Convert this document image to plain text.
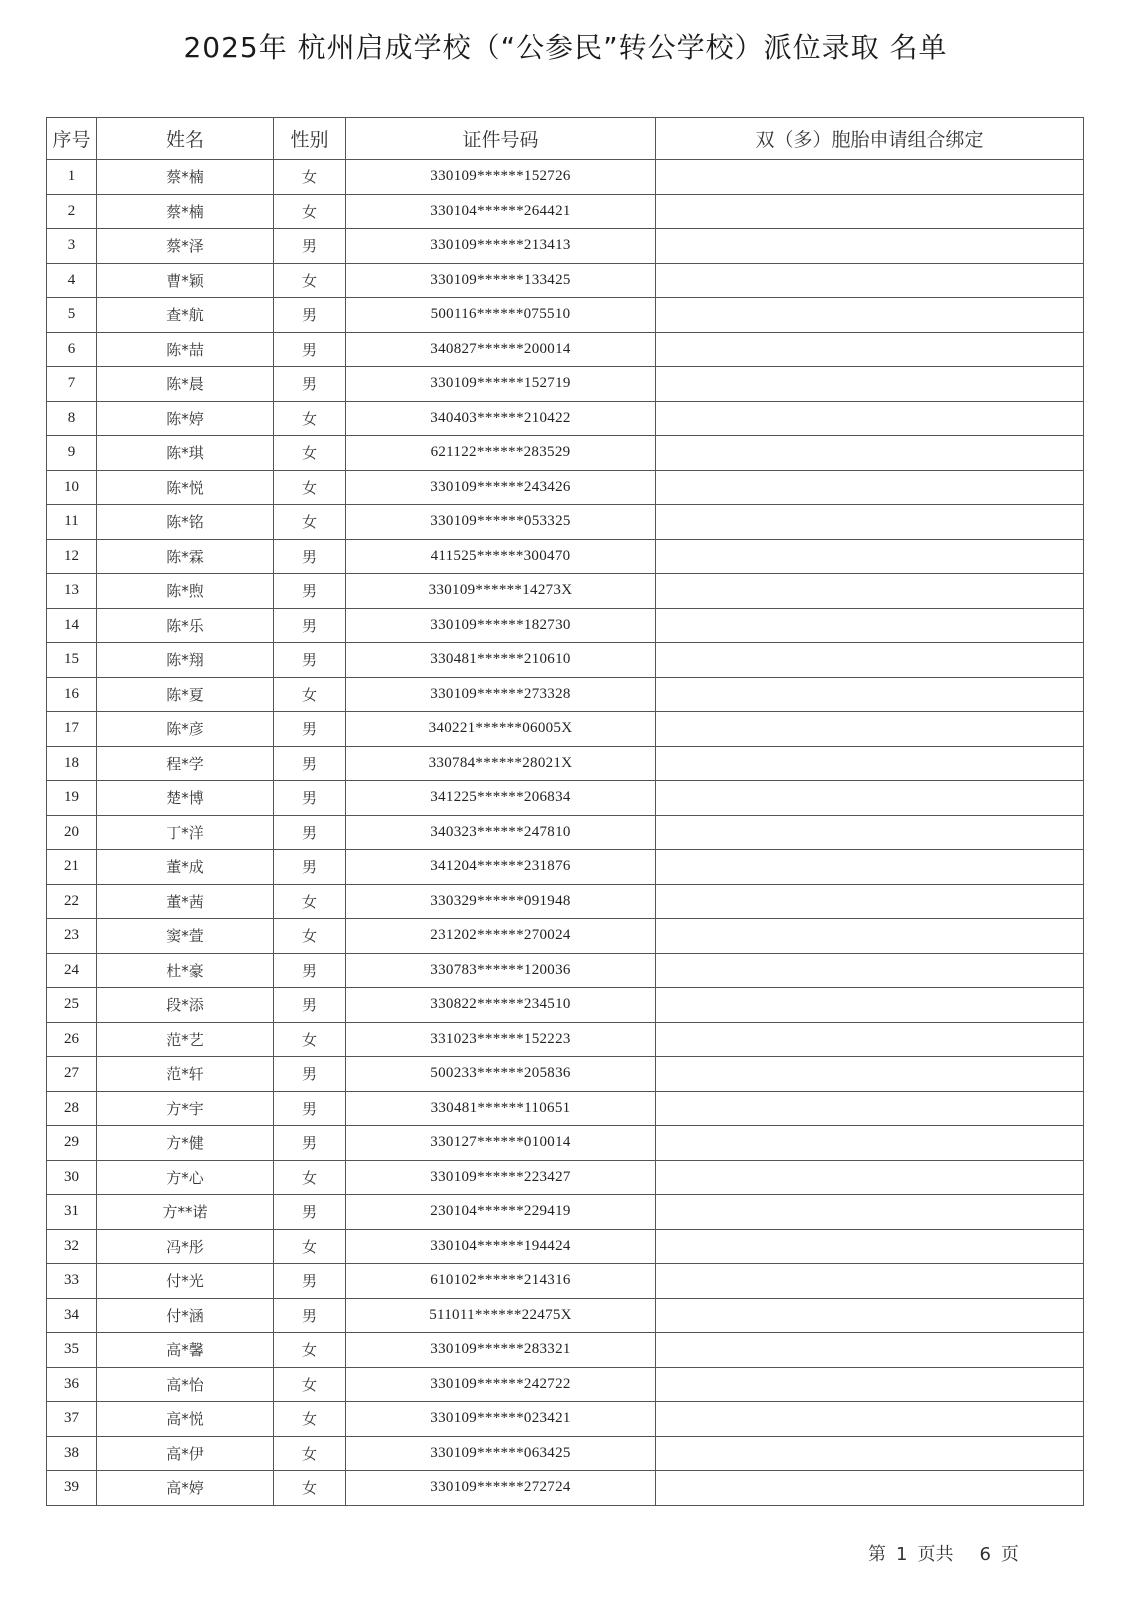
2025年 杭州启成学校（“公参民”转公学校）派位录取 名单
序号	姓名	性别	证件号码	双（多）胞胎申请组合绑定
1	蔡*楠	女	330109******152726	
2	蔡*楠	女	330104******264421	
3	蔡*泽	男	330109******213413	
4	曹*颖	女	330109******133425	
5	查*航	男	500116******075510	
6	陈*喆	男	340827******200014	
7	陈*晨	男	330109******152719	
8	陈*婷	女	340403******210422	
9	陈*琪	女	621122******283529	
10	陈*悦	女	330109******243426	
11	陈*铭	女	330109******053325	
12	陈*霖	男	411525******300470	
13	陈*煦	男	330109******14273X	
14	陈*乐	男	330109******182730	
15	陈*翔	男	330481******210610	
16	陈*夏	女	330109******273328	
17	陈*彦	男	340221******06005X	
18	程*学	男	330784******28021X	
19	楚*博	男	341225******206834	
20	丁*洋	男	340323******247810	
21	董*成	男	341204******231876	
22	董*茜	女	330329******091948	
23	窦*萱	女	231202******270024	
24	杜*豪	男	330783******120036	
25	段*添	男	330822******234510	
26	范*艺	女	331023******152223	
27	范*轩	男	500233******205836	
28	方*宇	男	330481******110651	
29	方*健	男	330127******010014	
30	方*心	女	330109******223427	
31	方**诺	男	230104******229419	
32	冯*彤	女	330104******194424	
33	付*光	男	610102******214316	
34	付*涵	男	511011******22475X	
35	高*馨	女	330109******283321	
36	高*怡	女	330109******242722	
37	高*悦	女	330109******023421	
38	高*伊	女	330109******063425	
39	高*婷	女	330109******272724	
第 1 页共 6 页
